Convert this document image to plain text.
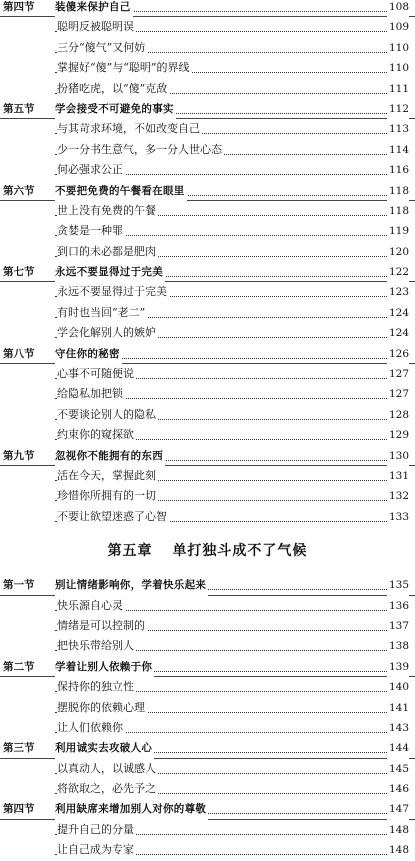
第四节 装傻来保护自己	108
聪明反被聪明误	109
三分“傻气”又何妨	110
掌握好“傻”与“聪明”的界线	110
扮猪吃虎，以“傻”克敌	111
第五节 学会接受不可避免的事实	112
与其苛求环境，不如改变自己	113
少一分书生意气，多一分人世心态	114
何必强求公正	116
第六节 不要把免费的午餐看在眼里	118
世上没有免费的午餐	118
贪婪是一种罪	119
到口的未必都是肥肉	120
第七节 永远不要显得过于完美	122
永远不要显得过于完美	123
有时也当回“老二”	124
学会化解别人的嫉妒	124
第八节 守住你的秘密	126
心事不可随便说	127
给隐私加把锁	127
不要谈论别人的隐私	128
约束你的窥探欲	129
第九节 忽视你不能拥有的东西	130
活在今天，掌握此刻	131
珍惜你所拥有的一切	132
不要让欲望迷惑了心智	133
第五章 单打独斗成不了气候
第一节 别让情绪影响你，学着快乐起来	135
快乐源自心灵	136
情绪是可以控制的	137
把快乐带给别人	138
第二节 学着让别人依赖于你	139
保持你的独立性	140
摆脱你的依赖心理	141
让人们依赖你	143
第三节 利用诚实去攻破人心	144
以真动人，以诚感人	145
将欲取之，必先予之	146
第四节 利用缺席来增加别人对你的尊敬	147
提升自己的分量	148
让自己成为专家	148
